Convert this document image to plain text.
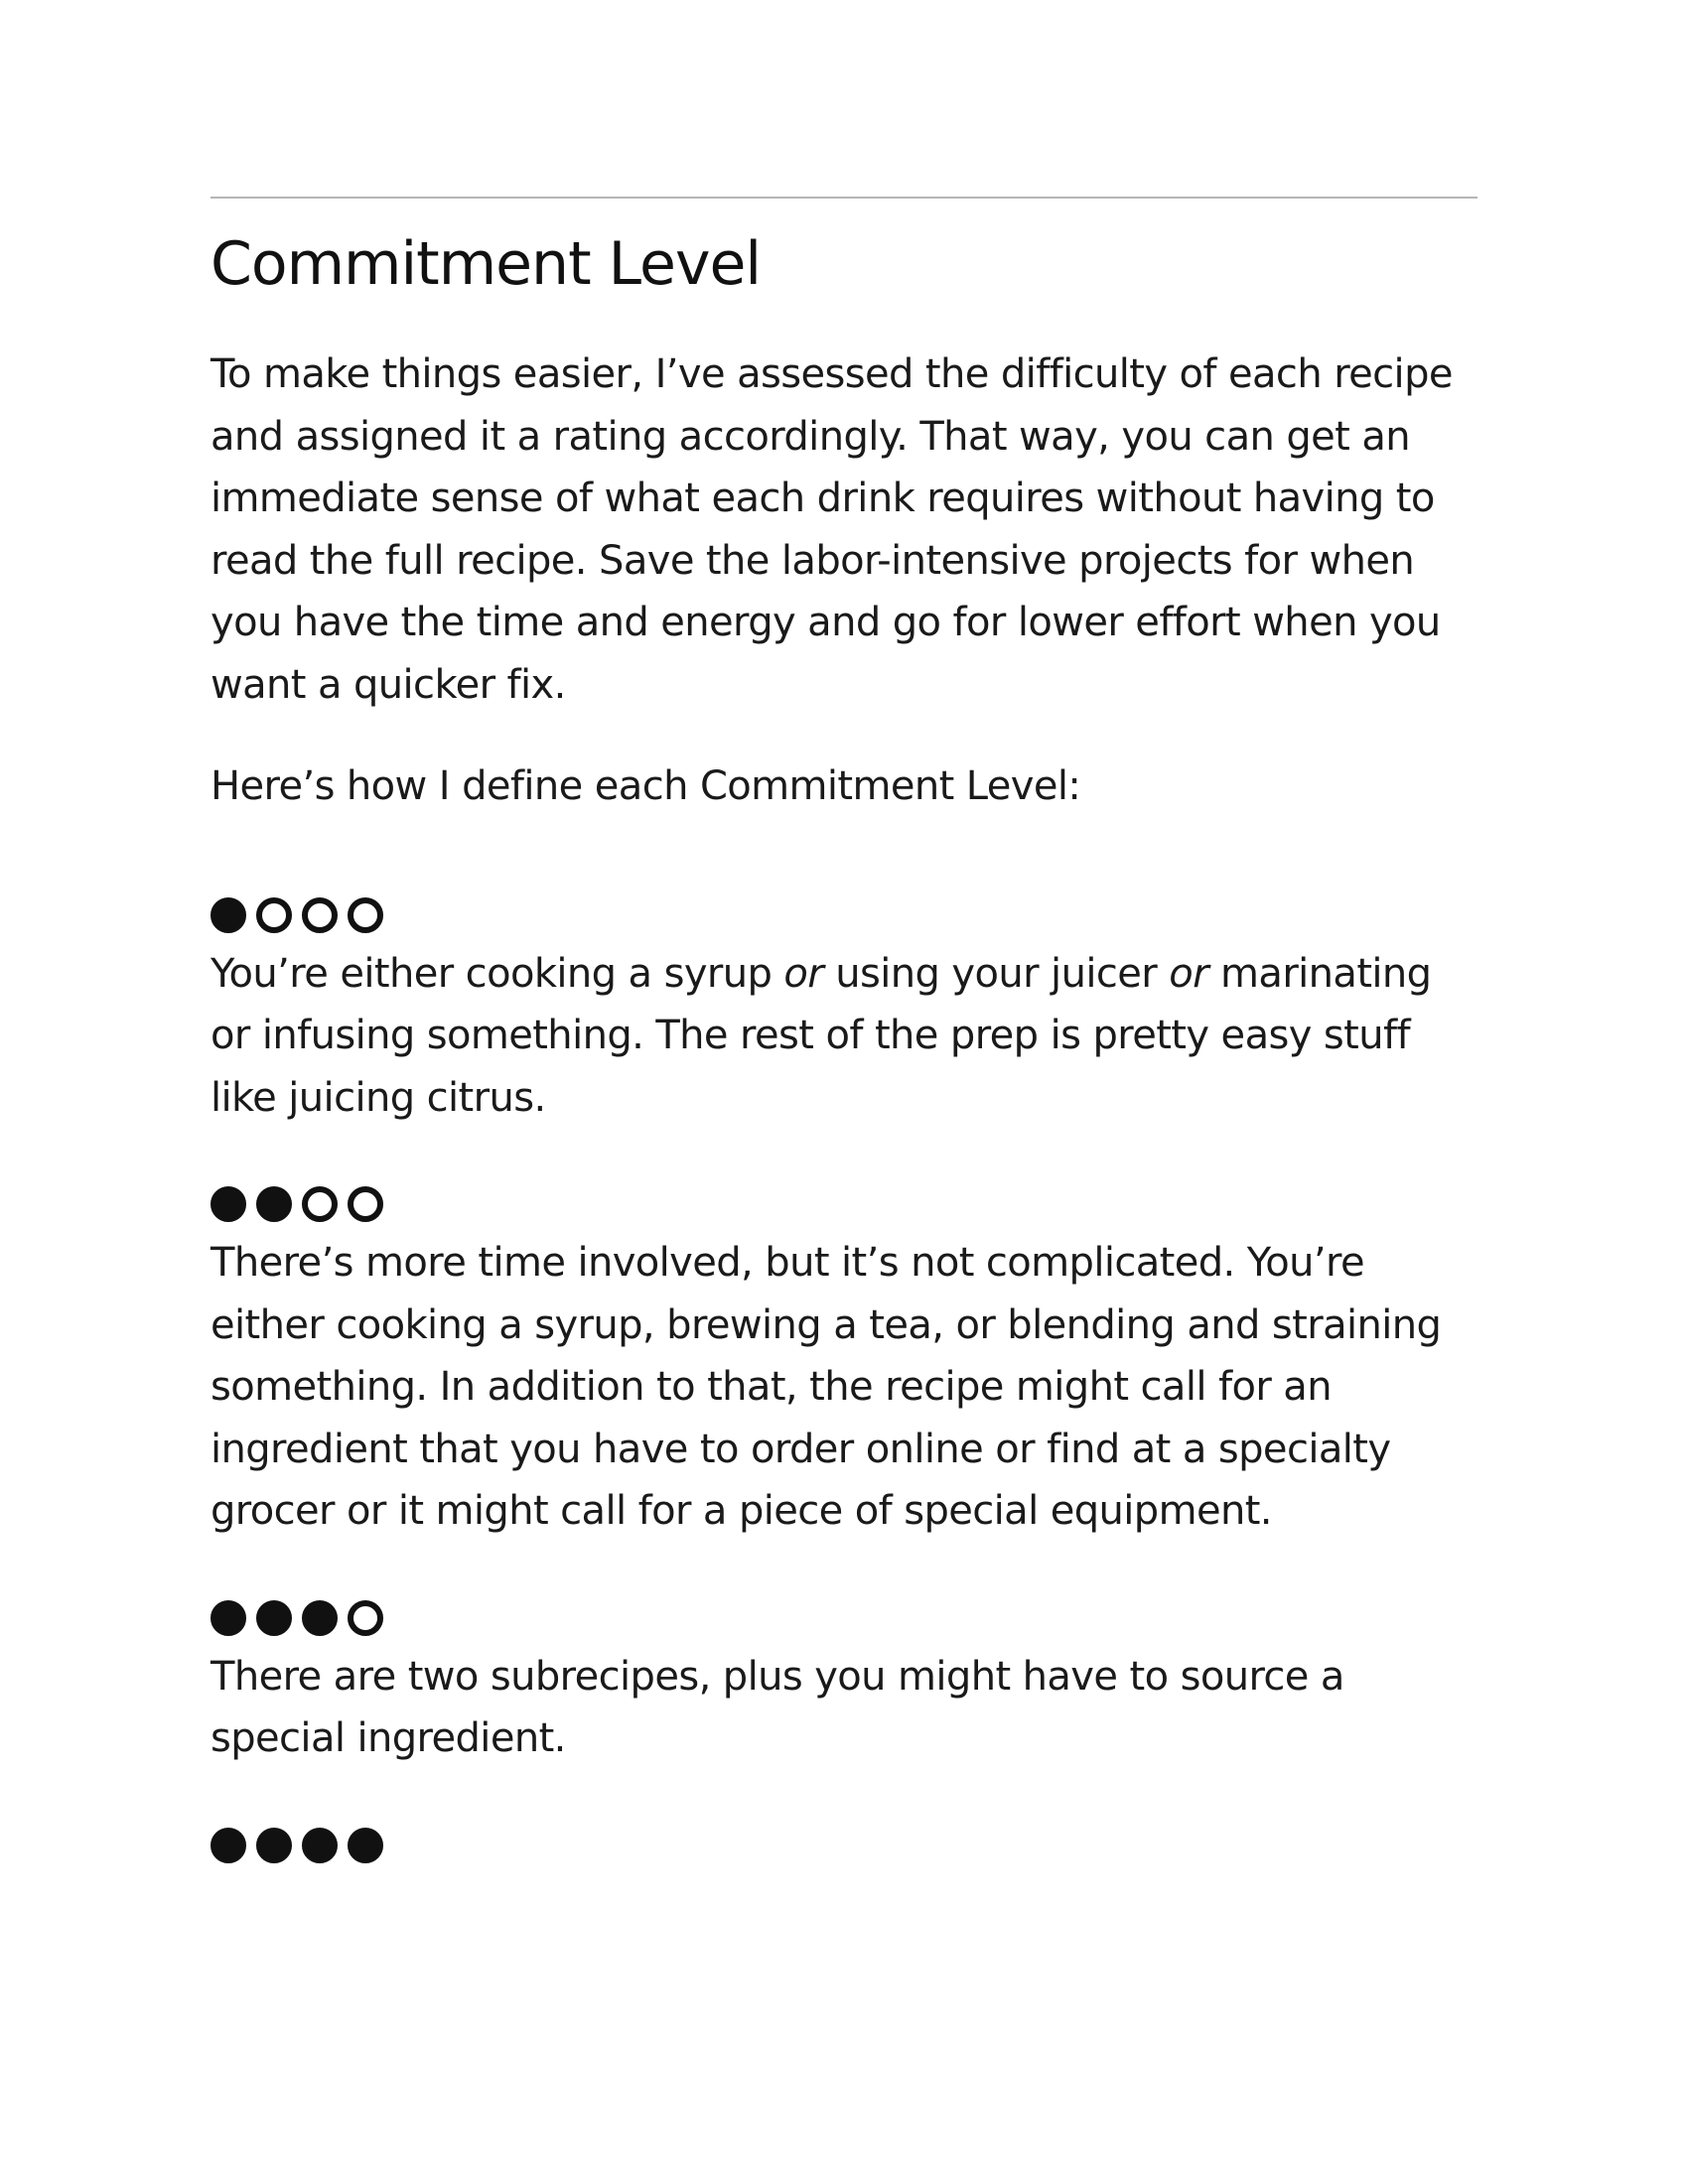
Commitment Level

To make things easier, I’ve assessed the difficulty of each recipe and assigned it a rating accordingly. That way, you can get an immediate sense of what each drink requires without having to read the full recipe. Save the labor-intensive projects for when you have the time and energy and go for lower effort when you want a quicker fix.

Here’s how I define each Commitment Level:

You’re either cooking a syrup or using your juicer or marinating or infusing something. The rest of the prep is pretty easy stuff like juicing citrus.

There’s more time involved, but it’s not complicated. You’re either cooking a syrup, brewing a tea, or blending and straining something. In addition to that, the recipe might call for an ingredient that you have to order online or find at a specialty grocer or it might call for a piece of special equipment.

There are two subrecipes, plus you might have to source a special ingredient.
